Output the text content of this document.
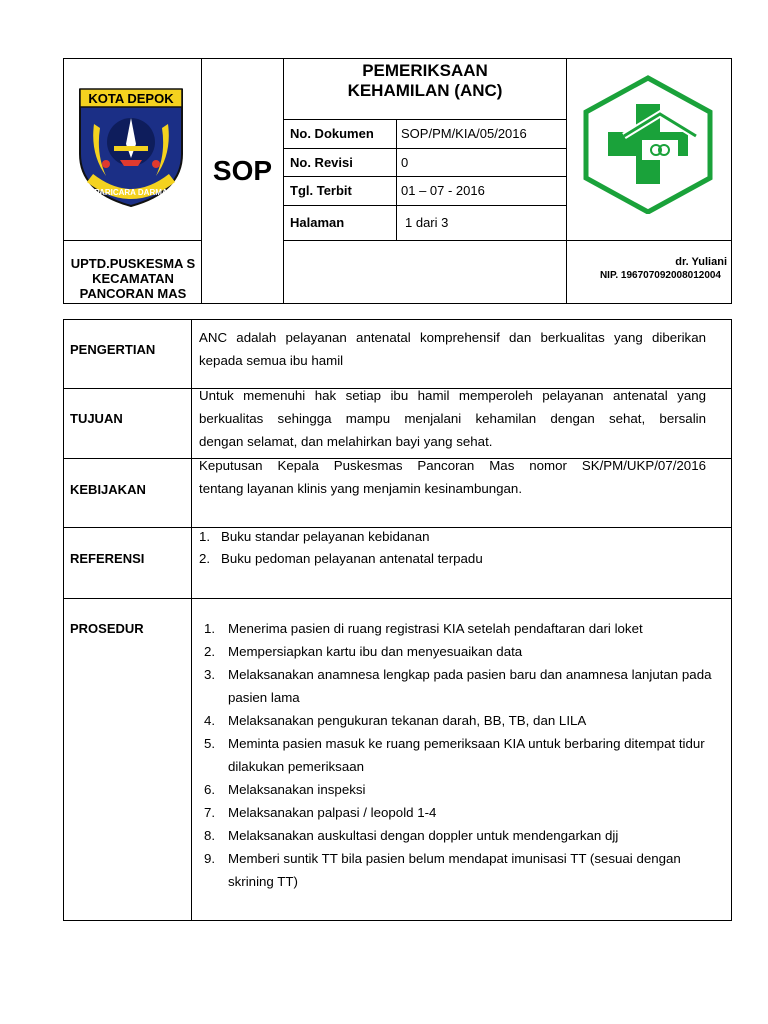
KOTA DEPOK
PARICARA DARMA
SOP
PEMERIKSAAN
KEHAMILAN (ANC)
No. Dokumen SOP/PM/KIA/05/2016
No. Revisi	0
Tgl. Terbit	01 – 07 - 2016
Halaman	1 dari 3
UPTD.PUSKESMA S KECAMATAN PANCORAN MAS
dr. Yuliani
NIP. 196707092008012004
PENGERTIAN
ANC adalah pelayanan antenatal komprehensif dan berkualitas yang diberikan
kepada semua ibu hamil
TUJUAN
Untuk memenuhi hak setiap ibu hamil memperoleh pelayanan antenatal yang
berkualitas sehingga mampu menjalani kehamilan dengan sehat, bersalin
dengan selamat, dan melahirkan bayi yang sehat.
KEBIJAKAN
Keputusan Kepala Puskesmas Pancoran Mas nomor SK/PM/UKP/07/2016
tentang layanan klinis yang menjamin kesinambungan.
REFERENSI
1. Buku standar pelayanan kebidanan
2. Buku pedoman pelayanan antenatal terpadu
PROSEDUR	1. Menerima pasien di ruang registrasi KIA setelah pendaftaran dari loket
2. Mempersiapkan kartu ibu dan menyesuaikan data
3. Melaksanakan anamnesa lengkap pada pasien baru dan anamnesa lanjutan pada pasien lama
4. Melaksanakan pengukuran tekanan darah, BB, TB, dan LILA
5. Meminta pasien masuk ke ruang pemeriksaan KIA untuk berbaring ditempat tidur dilakukan pemeriksaan
6. Melaksanakan inspeksi
7. Melaksanakan palpasi / leopold 1-4
8. Melaksanakan auskultasi dengan doppler untuk mendengarkan djj
9. Memberi suntik TT bila pasien belum mendapat imunisasi TT (sesuai dengan skrining TT)
